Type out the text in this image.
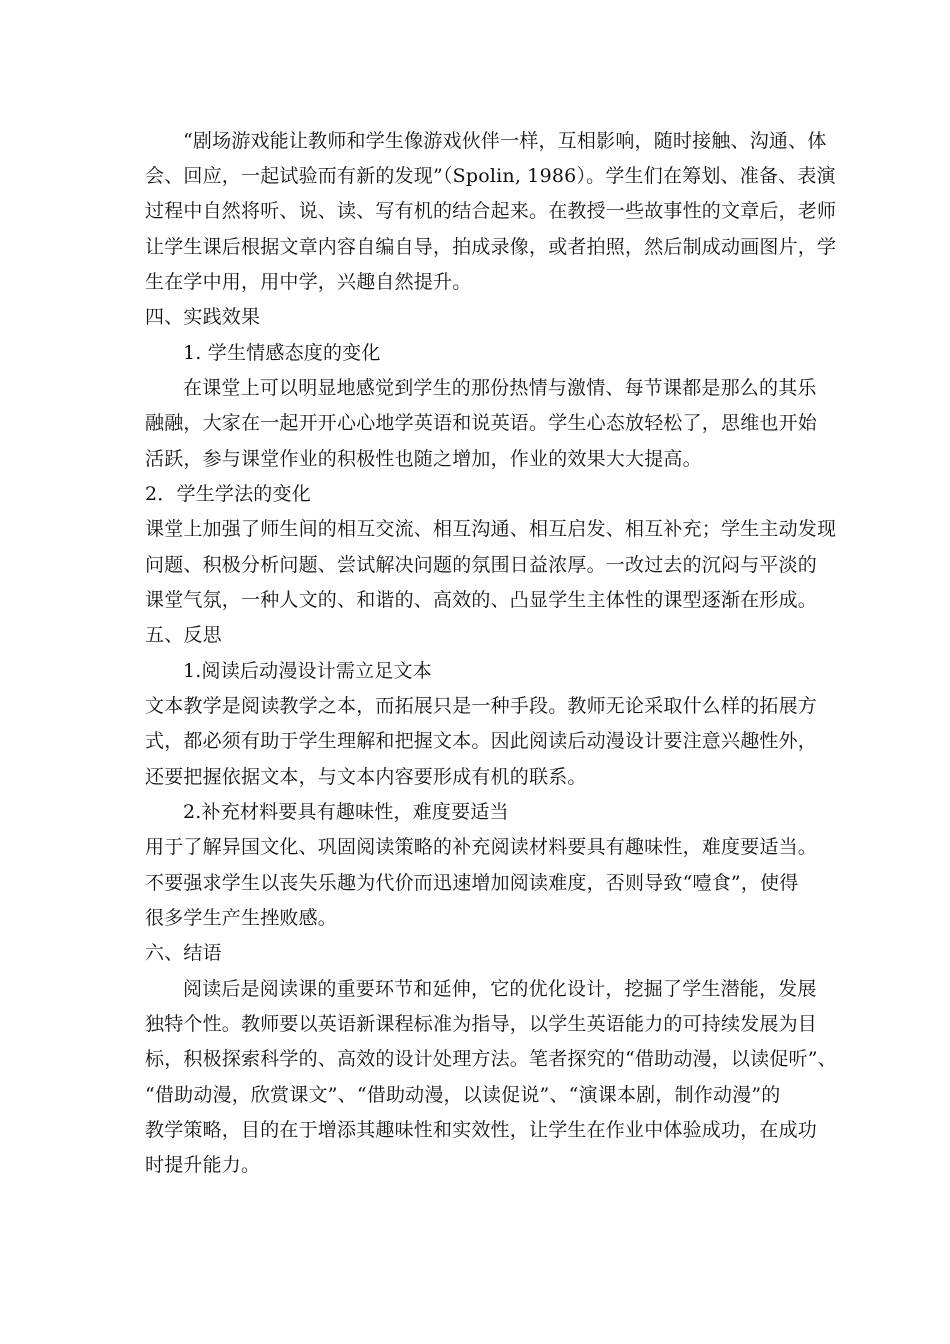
“剧场游戏能让教师和学生像游戏伙伴一样，互相影响，随时接触、沟通、体
会、回应，一起试验而有新的发现”（Spolin, 1986）。学生们在筹划、准备、表演
过程中自然将听、说、读、写有机的结合起来。在教授一些故事性的文章后，老师
让学生课后根据文章内容自编自导，拍成录像，或者拍照，然后制成动画图片，学
生在学中用，用中学，兴趣自然提升。
四、实践效果
1. 学生情感态度的变化
在课堂上可以明显地感觉到学生的那份热情与激情、每节课都是那么的其乐
融融，大家在一起开开心心地学英语和说英语。学生心态放轻松了，思维也开始
活跃，参与课堂作业的积极性也随之增加，作业的效果大大提高。
2．学生学法的变化
课堂上加强了师生间的相互交流、相互沟通、相互启发、相互补充；学生主动发现
问题、积极分析问题、尝试解决问题的氛围日益浓厚。一改过去的沉闷与平淡的
课堂气氛，一种人文的、和谐的、高效的、凸显学生主体性的课型逐渐在形成。
五、反思
1.阅读后动漫设计需立足文本
文本教学是阅读教学之本，而拓展只是一种手段。教师无论采取什么样的拓展方
式，都必须有助于学生理解和把握文本。因此阅读后动漫设计要注意兴趣性外，
还要把握依据文本，与文本内容要形成有机的联系。
2.补充材料要具有趣味性，难度要适当
用于了解异国文化、巩固阅读策略的补充阅读材料要具有趣味性，难度要适当。
不要强求学生以丧失乐趣为代价而迅速增加阅读难度，否则导致“噎食”，使得
很多学生产生挫败感。
六、结语
阅读后是阅读课的重要环节和延伸，它的优化设计，挖掘了学生潜能，发展
独特个性。教师要以英语新课程标准为指导，以学生英语能力的可持续发展为目
标，积极探索科学的、高效的设计处理方法。笔者探究的“借助动漫，以读促听”、
“借助动漫，欣赏课文”、“借助动漫，以读促说”、“演课本剧，制作动漫”的
教学策略，目的在于增添其趣味性和实效性，让学生在作业中体验成功，在成功
时提升能力。
